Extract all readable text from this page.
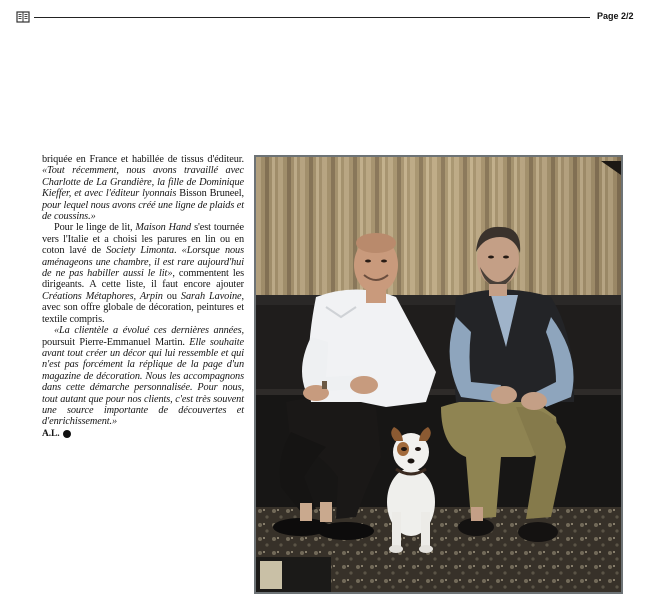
Page 2/2

briquée en France et habillée de tissus d'éditeur. «Tout récemment, nous avons travaillé avec Charlotte de La Grandière, la fille de Dominique Kieffer, et avec l'éditeur lyonnais Bisson Bruneel, pour lequel nous avons créé une ligne de plaids et de coussins.»

Pour le linge de lit, Maison Hand s'est tournée vers l'Italie et a choisi les parures en lin ou en coton lavé de Society Limonta. «Lorsque nous aménageons une chambre, il est rare aujourd'hui de ne pas habiller aussi le lit», commentent les dirigeants. A cette liste, il faut encore ajouter Créations Métaphores, Arpin ou Sarah Lavoine, avec son offre globale de décoration, peintures et textile compris.

«La clientèle a évolué ces dernières années, poursuit Pierre-Emmanuel Martin. Elle souhaite avant tout créer un décor qui lui ressemble et qui n'est pas forcément la réplique de la page d'un magazine de décoration. Nous les accompagnons dans cette démarche personnalisée. Pour nous, tout autant que pour nos clients, c'est très souvent une source importante de découvertes et d'enrichissement.»

A.L.
